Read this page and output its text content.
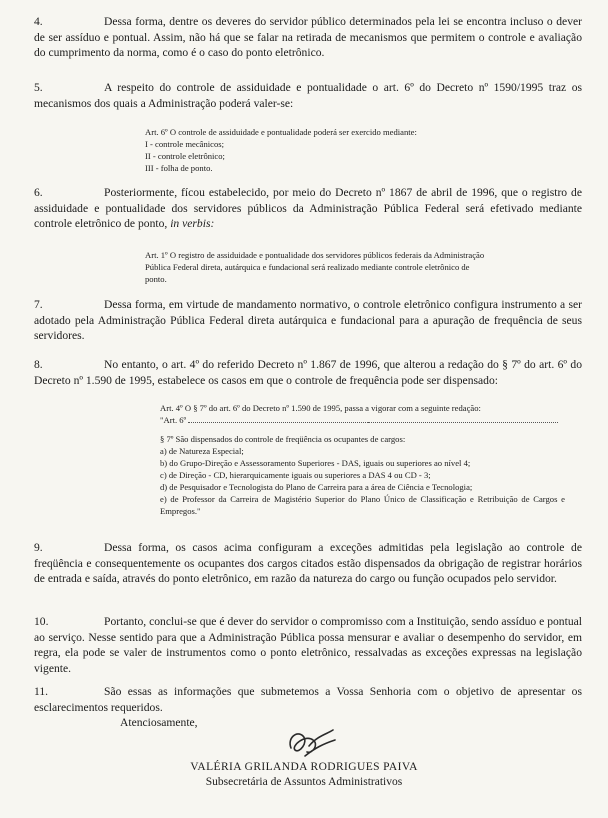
4.	Dessa forma, dentre os deveres do servidor público determinados pela lei se encontra incluso o dever de ser assíduo e pontual. Assim, não há que se falar na retirada de mecanismos que permitem o controle e avaliação do cumprimento da norma, como é o caso do ponto eletrônico.

5.	A respeito do controle de assiduidade e pontualidade o art. 6º do Decreto nº 1590/1995 traz os mecanismos dos quais a Administração poderá valer-se:

Art. 6º O controle de assiduidade e pontualidade poderá ser exercido mediante:
I - controle mecânicos;
II - controle eletrônico;
III - folha de ponto.

6.	Posteriormente, fícou estabelecido, por meio do Decreto nº 1867 de abril de 1996, que o registro de assiduidade e pontualidade dos servidores públicos da Administração Pública Federal será efetivado mediante controle eletrônico de ponto, in verbis:

Art. 1º O registro de assiduidade e pontualidade dos servidores públicos federais da Administração
Pública Federal direta, autárquica e fundacional será realizado mediante controle eletrônico de
ponto.

7.	Dessa forma, em virtude de mandamento normativo, o controle eletrônico configura instrumento a ser adotado pela Administração Pública Federal direta autárquica e fundacional para a apuração de frequência de seus servidores.

8.	No entanto, o art. 4º do referido Decreto nº 1.867 de 1996, que alterou a redação do § 7º do art. 6º do Decreto nº 1.590 de 1995, estabelece os casos em que o controle de frequência pode ser dispensado:

Art. 4º O § 7º do art. 6º do Decreto nº 1.590 de 1995, passa a vigorar com a seguinte redação:
"Art. 6º
§ 7º São dispensados do controle de freqüência os ocupantes de cargos:
a) de Natureza Especial;
b) do Grupo-Direção e Assessoramento Superiores - DAS, iguais ou superiores ao nível 4;
c) de Direção - CD, hierarquicamente iguais ou superiores a DAS 4 ou CD - 3;
d) de Pesquisador e Tecnologista do Plano de Carreira para a área de Ciência e Tecnologia;
e) de Professor da Carreira de Magistério Superior do Plano Único de Classificação e Retribuição de Cargos e Empregos."

9.	Dessa forma, os casos acima configuram a exceções admitidas pela legislação ao controle de freqüência e consequentemente os ocupantes dos cargos citados estão dispensados da obrigação de registrar horários de entrada e saída, através do ponto eletrônico, em razão da natureza do cargo ou função ocupados pelo servidor.

10.	Portanto, conclui-se que é dever do servidor o compromisso com a Instituição, sendo assíduo e pontual ao serviço. Nesse sentido para que a Administração Pública possa mensurar e avaliar o desempenho do servidor, em regra, ela pode se valer de instrumentos como o ponto eletrônico, ressalvadas as exceções expressas na legislação vigente.

11.	São essas as informações que submetemos a Vossa Senhoria com o objetivo de apresentar os esclarecimentos requeridos.

Atenciosamente,
VALÉRIA GRILANDA RODRIGUES PAIVA
Subsecretária de Assuntos Administrativos
